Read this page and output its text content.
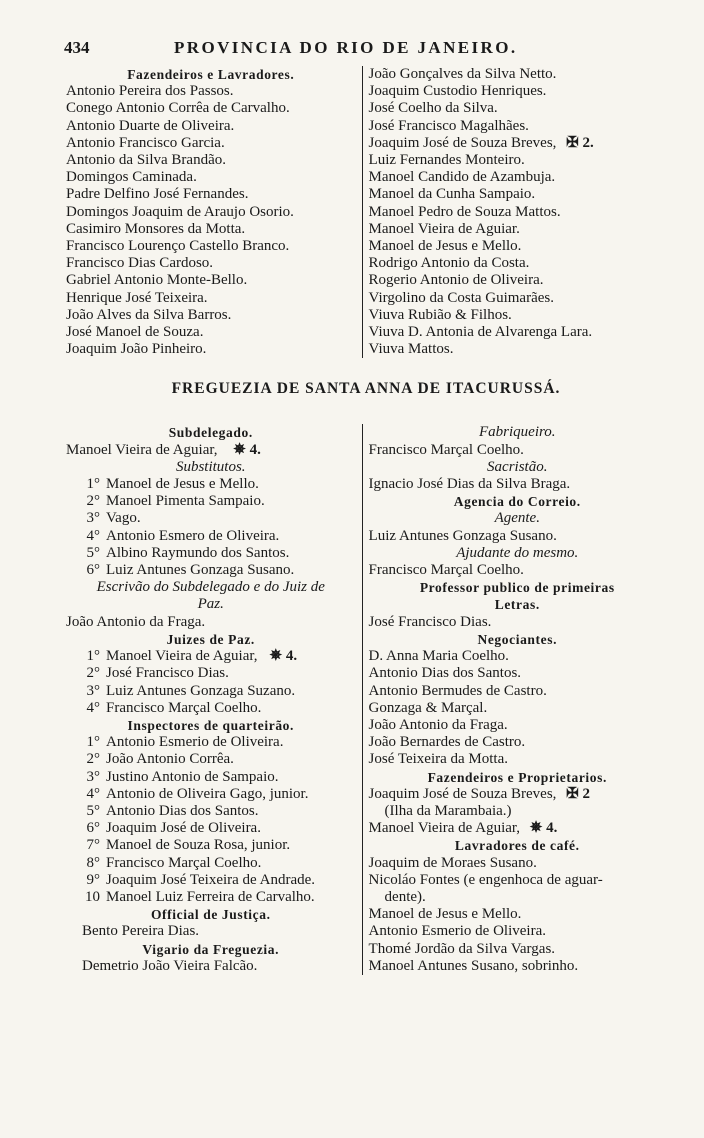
434	PROVINCIA DO RIO DE JANEIRO.
Fazendeiros e Lavradores.
Antonio Pereira dos Passos.
Conego Antonio Corrêa de Carvalho.
Antonio Duarte de Oliveira.
Antonio Francisco Garcia.
Antonio da Silva Brandão.
Domingos Caminada.
Padre Delfino José Fernandes.
Domingos Joaquim de Araujo Osorio.
Casimiro Monsores da Motta.
Francisco Lourenço Castello Branco.
Francisco Dias Cardoso.
Gabriel Antonio Monte-Bello.
Henrique José Teixeira.
João Alves da Silva Barros.
José Manoel de Souza.
Joaquim João Pinheiro.
João Gonçalves da Silva Netto.
Joaquim Custodio Henriques.
José Coelho da Silva.
José Francisco Magalhães.
Joaquim José de Souza Breves, ✠ 2.
Luiz Fernandes Monteiro.
Manoel Candido de Azambuja.
Manoel da Cunha Sampaio.
Manoel Pedro de Souza Mattos.
Manoel Vieira de Aguiar.
Manoel de Jesus e Mello.
Rodrigo Antonio da Costa.
Rogerio Antonio de Oliveira.
Virgolino da Costa Guimarães.
Viuva Rubião & Filhos.
Viuva D. Antonia de Alvarenga Lara.
Viuva Mattos.
FREGUEZIA DE SANTA ANNA DE ITACURUSSÁ.
Subdelegado.
Manoel Vieira de Aguiar, ✵ 4.
Substitutos.
1° Manoel de Jesus e Mello.
2° Manoel Pimenta Sampaio.
3° Vago.
4° Antonio Esmero de Oliveira.
5° Albino Raymundo dos Santos.
6° Luiz Antunes Gonzaga Susano.
Escrivão do Subdelegado e do Juiz de
Paz.
João Antonio da Fraga.
Juizes de Paz.
1° Manoel Vieira de Aguiar, ✵ 4.
2° José Francisco Dias.
3° Luiz Antunes Gonzaga Suzano.
4° Francisco Marçal Coelho.
Inspectores de quarteirão.
1° Antonio Esmerio de Oliveira.
2° João Antonio Corrêa.
3° Justino Antonio de Sampaio.
4° Antonio de Oliveira Gago, junior.
5° Antonio Dias dos Santos.
6° Joaquim José de Oliveira.
7° Manoel de Souza Rosa, junior.
8° Francisco Marçal Coelho.
9° Joaquim José Teixeira de Andrade.
10 Manoel Luiz Ferreira de Carvalho.
Official de Justiça.
Bento Pereira Dias.
Vigario da Freguezia.
Demetrio João Vieira Falcão.
Fabriqueiro.
Francisco Marçal Coelho.
Sacristão.
Ignacio José Dias da Silva Braga.
Agencia do Correio.
Agente.
Luiz Antunes Gonzaga Susano.
Ajudante do mesmo.
Francisco Marçal Coelho.
Professor publico de primeiras
Letras.
José Francisco Dias.
Negociantes.
D. Anna Maria Coelho.
Antonio Dias dos Santos.
Antonio Bermudes de Castro.
Gonzaga & Marçal.
João Antonio da Fraga.
João Bernardes de Castro.
José Teixeira da Motta.
Fazendeiros e Proprietarios.
Joaquim José de Souza Breves, ✠ 2
(Ilha da Marambaia.)
Manoel Vieira de Aguiar, ✵ 4.
Lavradores de café.
Joaquim de Moraes Susano.
Nicoláo Fontes (e engenhoca de aguar-
dente).
Manoel de Jesus e Mello.
Antonio Esmerio de Oliveira.
Thomé Jordão da Silva Vargas.
Manoel Antunes Susano, sobrinho.
